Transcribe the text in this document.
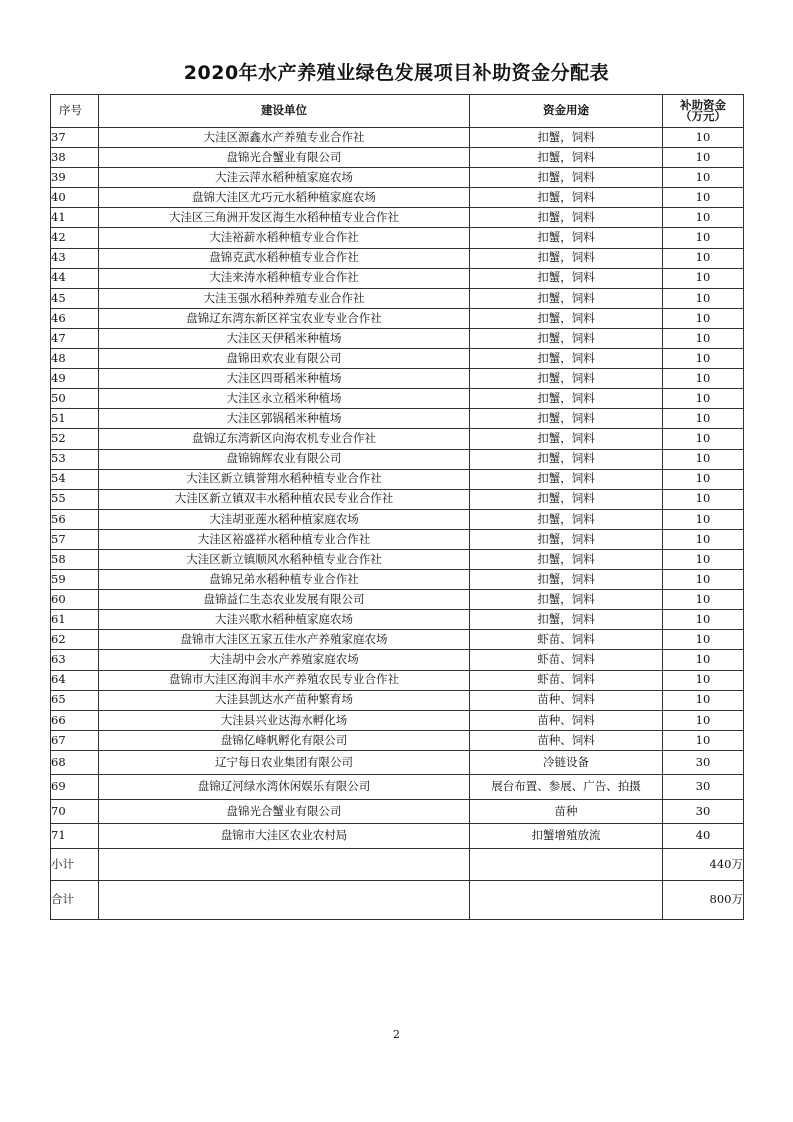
2020年水产养殖业绿色发展项目补助资金分配表
序号	建设单位	资金用途	补助资金
（万元）

37	大洼区源鑫水产养殖专业合作社	扣蟹，饲料	10
38	盘锦光合蟹业有限公司	扣蟹，饲料	10
39	大洼云萍水稻种植家庭农场	扣蟹，饲料	10
40	盘锦大洼区尤巧元水稻种植家庭农场	扣蟹，饲料	10
41	大洼区三角洲开发区海生水稻种植专业合作社	扣蟹，饲料	10
42	大洼裕薪水稻种植专业合作社	扣蟹，饲料	10
43	盘锦克武水稻种植专业合作社	扣蟹，饲料	10
44	大洼来涛水稻种植专业合作社	扣蟹，饲料	10
45	大洼玉强水稻种养殖专业合作社	扣蟹，饲料	10
46	盘锦辽东湾东新区祥宝农业专业合作社	扣蟹，饲料	10
47	大洼区天伊稻米种植场	扣蟹，饲料	10
48	盘锦田欢农业有限公司	扣蟹，饲料	10
49	大洼区四哥稻米种植场	扣蟹，饲料	10
50	大洼区永立稻米种植场	扣蟹，饲料	10
51	大洼区郭锅稻米种植场	扣蟹，饲料	10
52	盘锦辽东湾新区向海农机专业合作社	扣蟹，饲料	10
53	盘锦锦辉农业有限公司	扣蟹，饲料	10
54	大洼区新立镇誉翔水稻种植专业合作社	扣蟹，饲料	10
55	大洼区新立镇双丰水稻种植农民专业合作社	扣蟹，饲料	10
56	大洼胡亚莲水稻种植家庭农场	扣蟹，饲料	10
57	大洼区裕盛祥水稻种植专业合作社	扣蟹，饲料	10
58	大洼区新立镇顺风水稻种植专业合作社	扣蟹，饲料	10
59	盘锦兄弟水稻种植专业合作社	扣蟹，饲料	10
60	盘锦益仁生态农业发展有限公司	扣蟹，饲料	10
61	大洼兴歌水稻种植家庭农场	扣蟹，饲料	10
62	盘锦市大洼区五家五佳水产养殖家庭农场	虾苗、饲料	10
63	大洼胡中会水产养殖家庭农场	虾苗、饲料	10
64	盘锦市大洼区海润丰水产养殖农民专业合作社	虾苗、饲料	10
65	大洼县凯达水产苗种繁育场	苗种、饲料	10
66	大洼县兴业达海水孵化场	苗种、饲料	10
67	盘锦亿峰帆孵化有限公司	苗种、饲料	10
68	辽宁每日农业集团有限公司	冷链设备	30
69	盘锦辽河绿水湾休闲娱乐有限公司	展台布置、参展、广告、拍摄	30
70	盘锦光合蟹业有限公司	苗种	30
71	盘锦市大洼区农业农村局	扣蟹增殖放流	40
小计			440万
合计			800万
2
